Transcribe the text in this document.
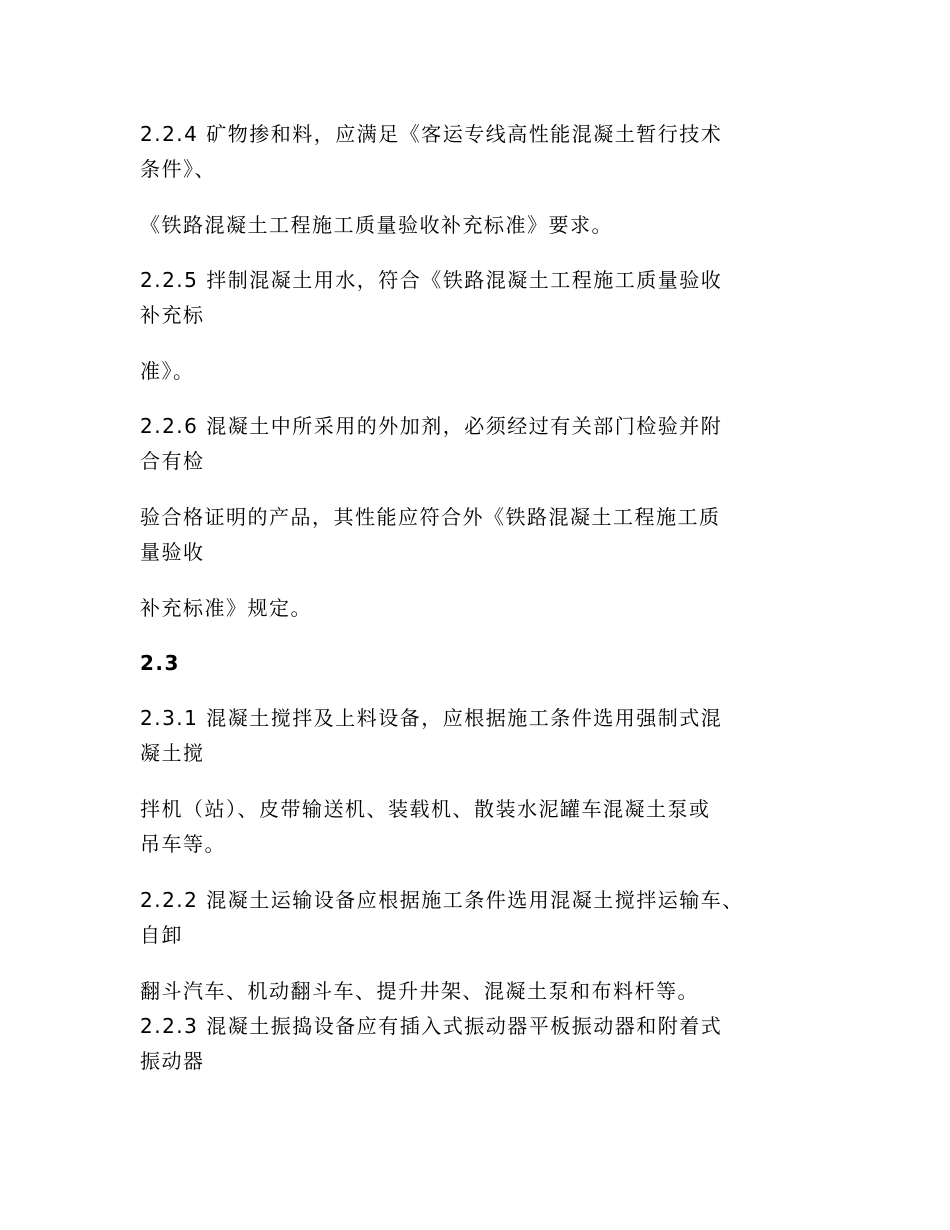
2.2.4 矿物掺和料，应满足《客运专线高性能混凝土暂行技术
条件》、
《铁路混凝土工程施工质量验收补充标准》要求。
2.2.5 拌制混凝土用水，符合《铁路混凝土工程施工质量验收
补充标
准》。
2.2.6 混凝土中所采用的外加剂，必须经过有关部门检验并附
合有检
验合格证明的产品，其性能应符合外《铁路混凝土工程施工质
量验收
补充标准》规定。
2.3
2.3.1 混凝土搅拌及上料设备，应根据施工条件选用强制式混
凝土搅
拌机（站）、皮带输送机、装载机、散装水泥罐车混凝土泵或
吊车等。
2.2.2 混凝土运输设备应根据施工条件选用混凝土搅拌运输车、
自卸
翻斗汽车、机动翻斗车、提升井架、混凝土泵和布料杆等。
2.2.3 混凝土振捣设备应有插入式振动器平板振动器和附着式
振动器
